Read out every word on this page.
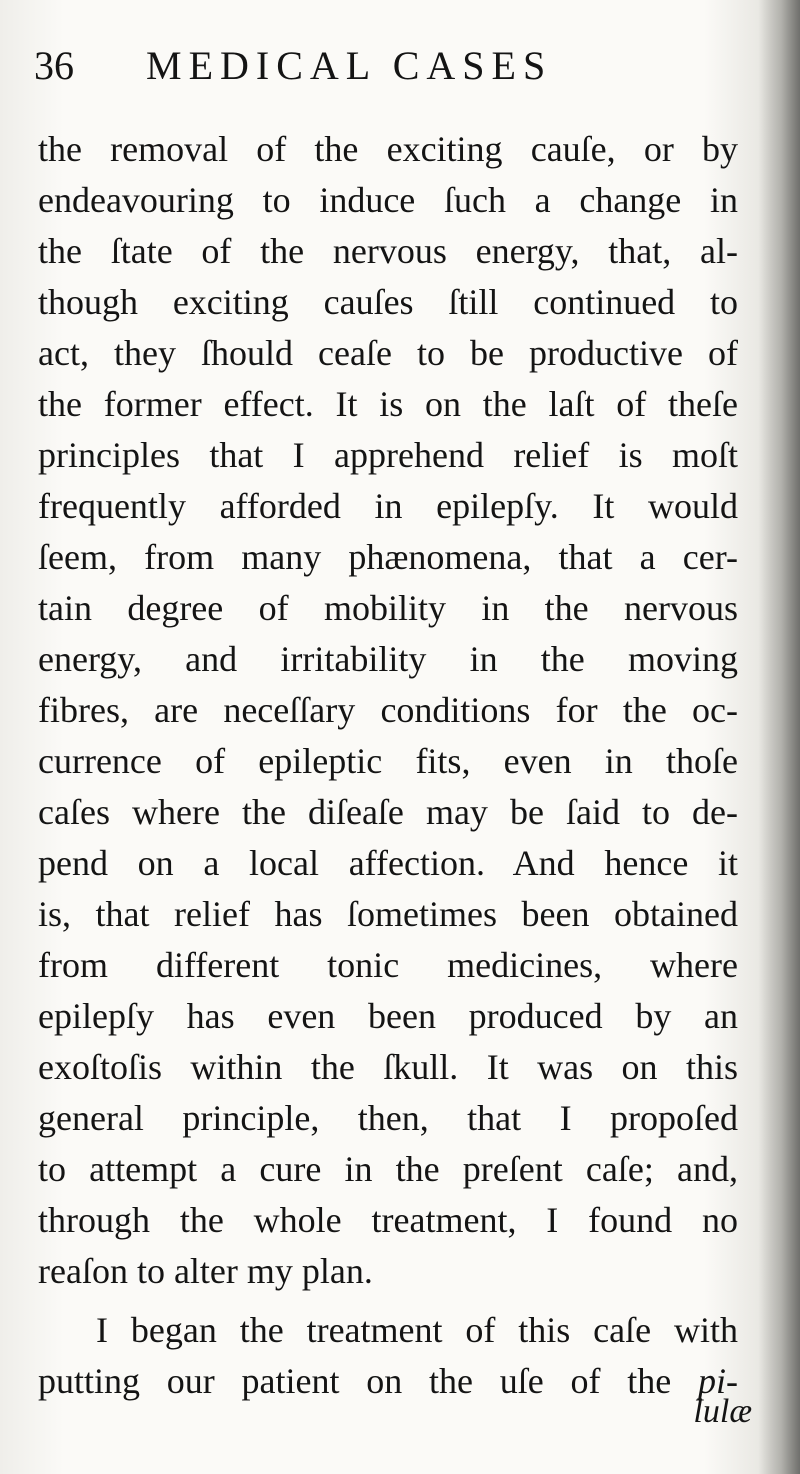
36 MEDICAL CASES
the removal of the exciting cauſe, or by
endeavouring to induce ſuch a change in
the ſtate of the nervous energy, that, al-
though exciting cauſes ſtill continued to
act, they ſhould ceaſe to be productive of
the former effect. It is on the laſt of theſe
principles that I apprehend relief is moſt
frequently afforded in epilepſy. It would
ſeem, from many phænomena, that a cer-
tain degree of mobility in the nervous
energy, and irritability in the moving
fibres, are neceſſary conditions for the oc-
currence of epileptic fits, even in thoſe
caſes where the diſeaſe may be ſaid to de-
pend on a local affection. And hence it
is, that relief has ſometimes been obtained
from different tonic medicines, where
epilepſy has even been produced by an
exoſtoſis within the ſkull. It was on this
general principle, then, that I propoſed
to attempt a cure in the preſent caſe; and,
through the whole treatment, I found no
reaſon to alter my plan.
I began the treatment of this caſe with
putting our patient on the uſe of the pi-
lulæ
